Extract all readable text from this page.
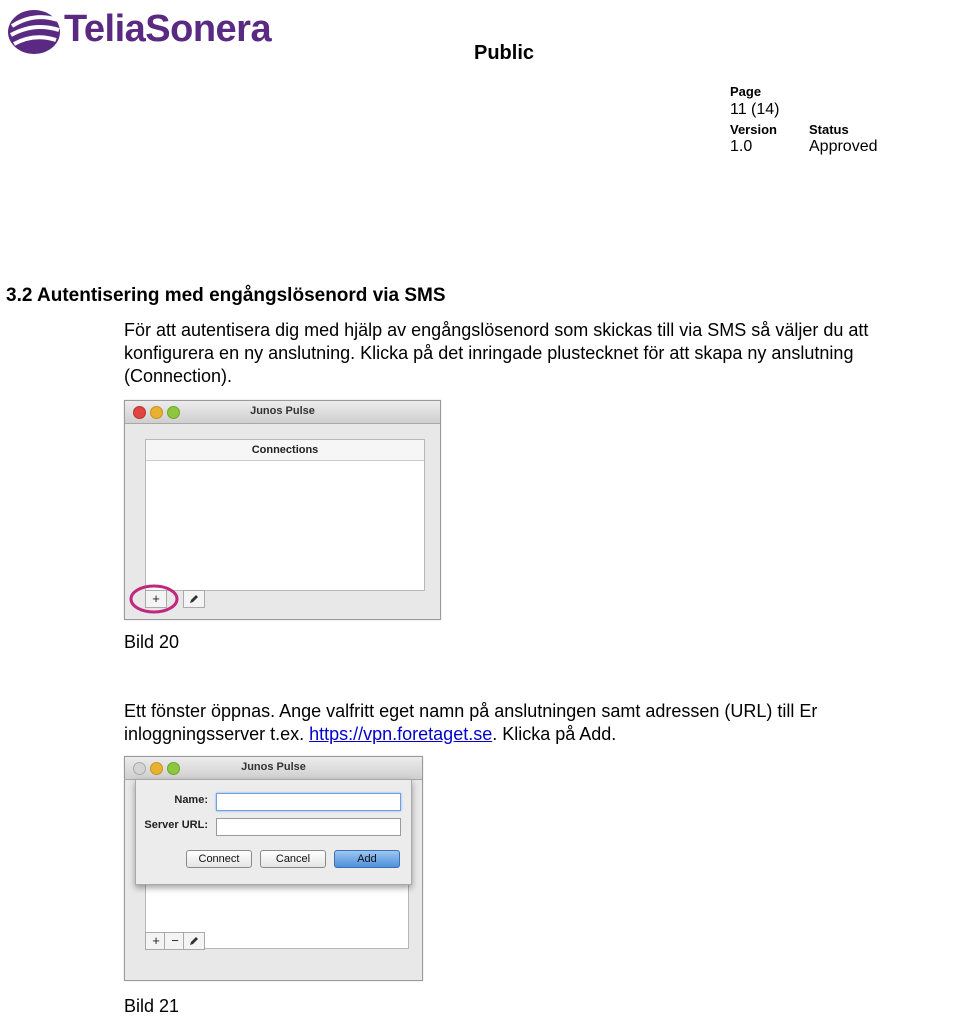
TeliaSonera
Public
Page
11 (14)
Version Status
1.0	Approved
3.2 Autentisering med engångslösenord via SMS
För att autentisera dig med hjälp av engångslösenord som skickas till via SMS så väljer du att
konfigurera en ny anslutning. Klicka på det inringade plustecknet för att skapa ny anslutning
(Connection).
Junos Pulse
Connections
+
Bild 20
Ett fönster öppnas. Ange valfritt eget namn på anslutningen samt adressen (URL) till Er
inloggningsserver t.ex. https://vpn.foretaget.se. Klicka på Add.
Junos Pulse
Name:
Server URL:
Connect	Cancel	Add
+ −
Bild 21
